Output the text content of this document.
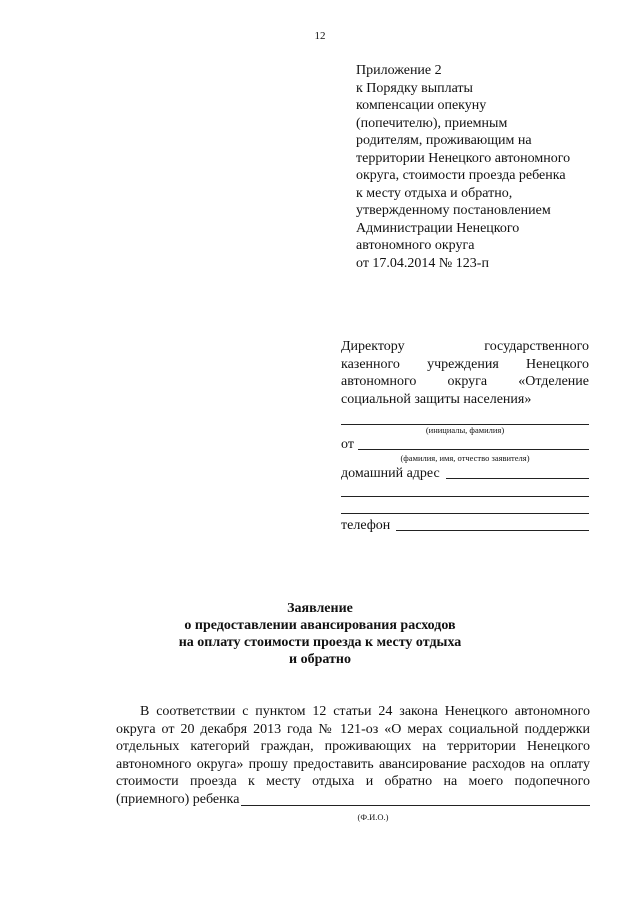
12
Приложение 2
к Порядку выплаты
компенсации опекуну
(попечителю), приемным
родителям, проживающим на
территории Ненецкого автономного
округа, стоимости проезда ребенка
к месту отдыха и обратно,
утвержденному постановлением
Администрации Ненецкого
автономного округа
от 17.04.2014 № 123-п
Директору государственного
казенного учреждения Ненецкого
автономного округа «Отделение
социальной защиты населения»
(инициалы, фамилия)
от
(фамилия, имя, отчество заявителя)
домашний адрес
телефон
Заявление
о предоставлении авансирования расходов
на оплату стоимости проезда к месту отдыха
и обратно
В соответствии с пунктом 12 статьи 24 закона Ненецкого автономного
округа от 20 декабря 2013 года № 121-оз «О мерах социальной поддержки
отдельных категорий граждан, проживающих на территории Ненецкого
автономного округа» прошу предоставить авансирование расходов на оплату
стоимости проезда к месту отдыха и обратно на моего подопечного
(приемного) ребенка
(Ф.И.О.)
